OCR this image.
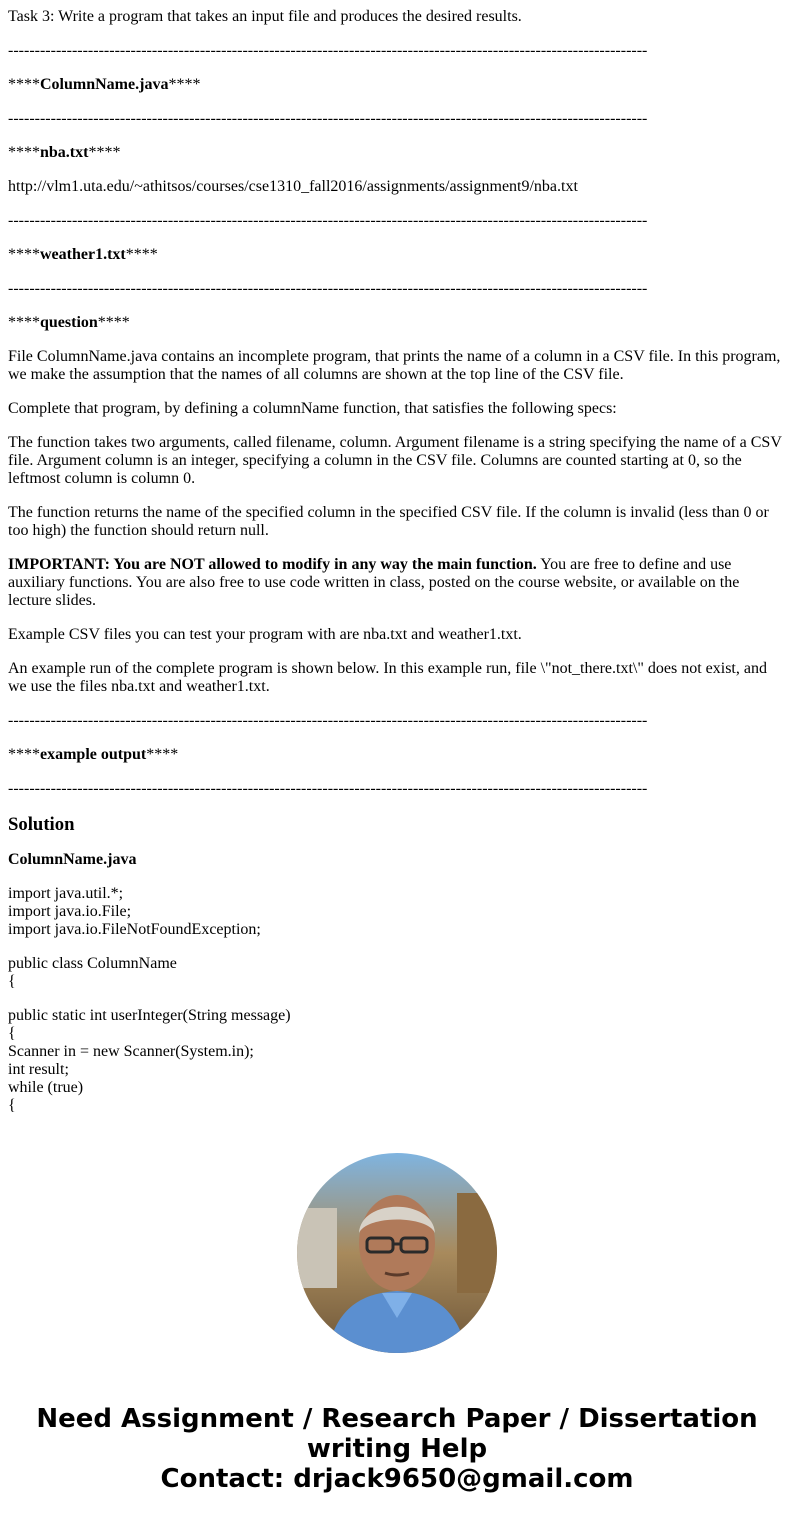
Task 3: Write a program that takes an input file and produces the desired results.

------------------------------------------------------------------------------------------------------------------------

****ColumnName.java****

------------------------------------------------------------------------------------------------------------------------

****nba.txt****

http://vlm1.uta.edu/~athitsos/courses/cse1310_fall2016/assignments/assignment9/nba.txt

------------------------------------------------------------------------------------------------------------------------

****weather1.txt****

------------------------------------------------------------------------------------------------------------------------

****question****

File ColumnName.java contains an incomplete program, that prints the name of a column in a CSV file. In this program, we make the assumption that the names of all columns are shown at the top line of the CSV file.

Complete that program, by defining a columnName function, that satisfies the following specs:

The function takes two arguments, called filename, column. Argument filename is a string specifying the name of a CSV file. Argument column is an integer, specifying a column in the CSV file. Columns are counted starting at 0, so the leftmost column is column 0.

The function returns the name of the specified column in the specified CSV file. If the column is invalid (less than 0 or too high) the function should return null.

IMPORTANT: You are NOT allowed to modify in any way the main function. You are free to define and use auxiliary functions. You are also free to use code written in class, posted on the course website, or available on the lecture slides.

Example CSV files you can test your program with are nba.txt and weather1.txt.

An example run of the complete program is shown below. In this example run, file \"not_there.txt\" does not exist, and we use the files nba.txt and weather1.txt.

------------------------------------------------------------------------------------------------------------------------

****example output****

------------------------------------------------------------------------------------------------------------------------

Solution

ColumnName.java

import java.util.*;

import java.io.File;

import java.io.FileNotFoundException;

public class ColumnName

{

public static int userInteger(String message)

{

Scanner in = new Scanner(System.in);

int result;

while (true)

{

Need Assignment / Research Paper / Dissertation
writing Help
Contact: drjack9650@gmail.com
